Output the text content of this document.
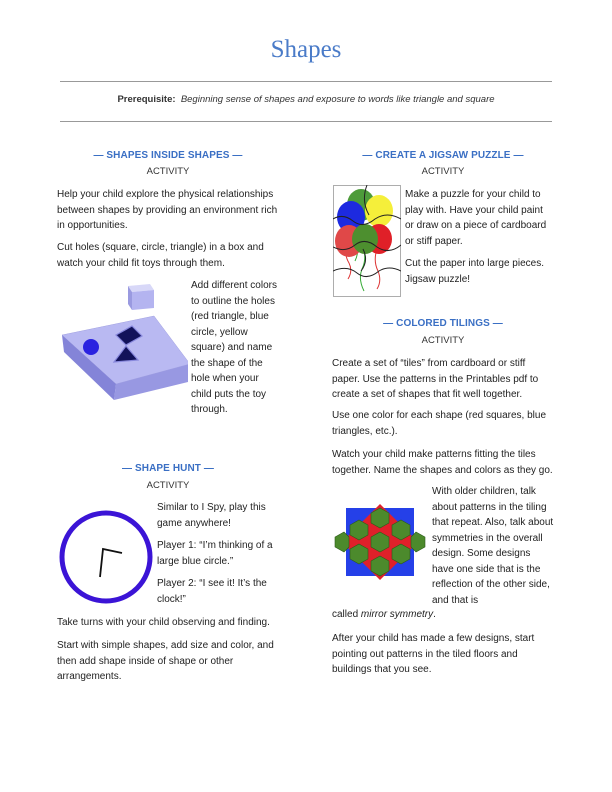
Shapes
Prerequisite: Beginning sense of shapes and exposure to words like triangle and square
— SHAPES INSIDE SHAPES —
ACTIVITY
Help your child explore the physical relationships between shapes by providing an environment rich in opportunities.
Cut holes (square, circle, triangle) in a box and watch your child fit toys through them.
Add different colors to outline the holes (red triangle, blue circle, yellow square) and name the shape of the hole when your child puts the toy through.
— SHAPE HUNT —
ACTIVITY
Similar to I Spy, play this game anywhere!
Player 1: “I’m thinking of a large blue circle.”
Player 2: “I see it! It’s the clock!”
Take turns with your child observing and finding.
Start with simple shapes, add size and color, and then add shape inside of shape or other arrangements.
— CREATE A JIGSAW PUZZLE —
ACTIVITY
Make a puzzle for your child to play with. Have your child paint or draw on a piece of cardboard or stiff paper.
Cut the paper into large pieces. Jigsaw puzzle!
— COLORED TILINGS —
ACTIVITY
Create a set of “tiles” from cardboard or stiff paper. Use the patterns in the Printables pdf to create a set of shapes that fit well together.
Use one color for each shape (red squares, blue triangles, etc.).
Watch your child make patterns fitting the tiles together. Name the shapes and colors as they go.
With older children, talk about patterns in the tiling that repeat. Also, talk about symmetries in the overall design. Some designs have one side that is the reflection of the other side, and that is
called mirror symmetry.
After your child has made a few designs, start pointing out patterns in the tiled floors and buildings that you see.
